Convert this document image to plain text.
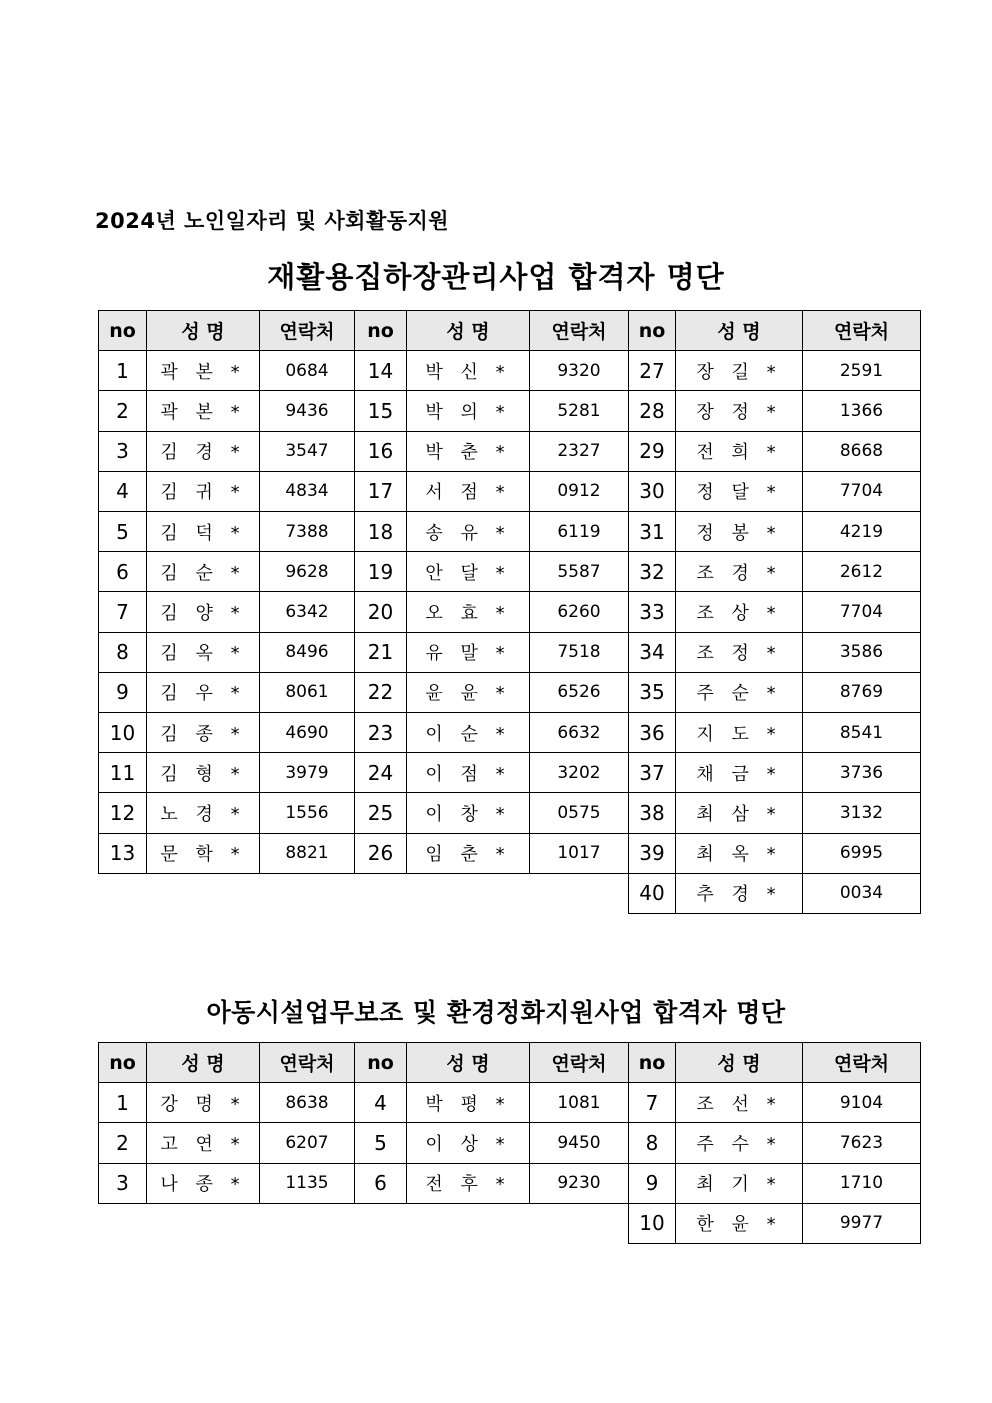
2024년 노인일자리 및 사회활동지원
재활용집하장관리사업 합격자 명단
no	성 명	연락처	no	성 명	연락처	no	성 명	연락처
1	곽 본 *	0684	14	박 신 *	9320	27	장 길 *	2591
2	곽 본 *	9436	15	박 의 *	5281	28	장 정 *	1366
3	김 경 *	3547	16	박 춘 *	2327	29	전 희 *	8668
4	김 귀 *	4834	17	서 점 *	0912	30	정 달 *	7704
5	김 덕 *	7388	18	송 유 *	6119	31	정 봉 *	4219
6	김 순 *	9628	19	안 달 *	5587	32	조 경 *	2612
7	김 양 *	6342	20	오 효 *	6260	33	조 상 *	7704
8	김 옥 *	8496	21	유 말 *	7518	34	조 정 *	3586
9	김 우 *	8061	22	윤 윤 *	6526	35	주 순 *	8769
10	김 종 *	4690	23	이 순 *	6632	36	지 도 *	8541
11	김 형 *	3979	24	이 점 *	3202	37	채 금 *	3736
12	노 경 *	1556	25	이 창 *	0575	38	최 삼 *	3132
13	문 학 *	8821	26	임 춘 *	1017	39	최 옥 *	6995
40	추 경 *	0034
아동시설업무보조 및 환경정화지원사업 합격자 명단
no	성 명	연락처	no	성 명	연락처	no	성 명	연락처
1	강 명 *	8638	4	박 평 *	1081	7	조 선 *	9104
2	고 연 *	6207	5	이 상 *	9450	8	주 수 *	7623
3	나 종 *	1135	6	전 후 *	9230	9	최 기 *	1710
10	한 윤 *	9977
